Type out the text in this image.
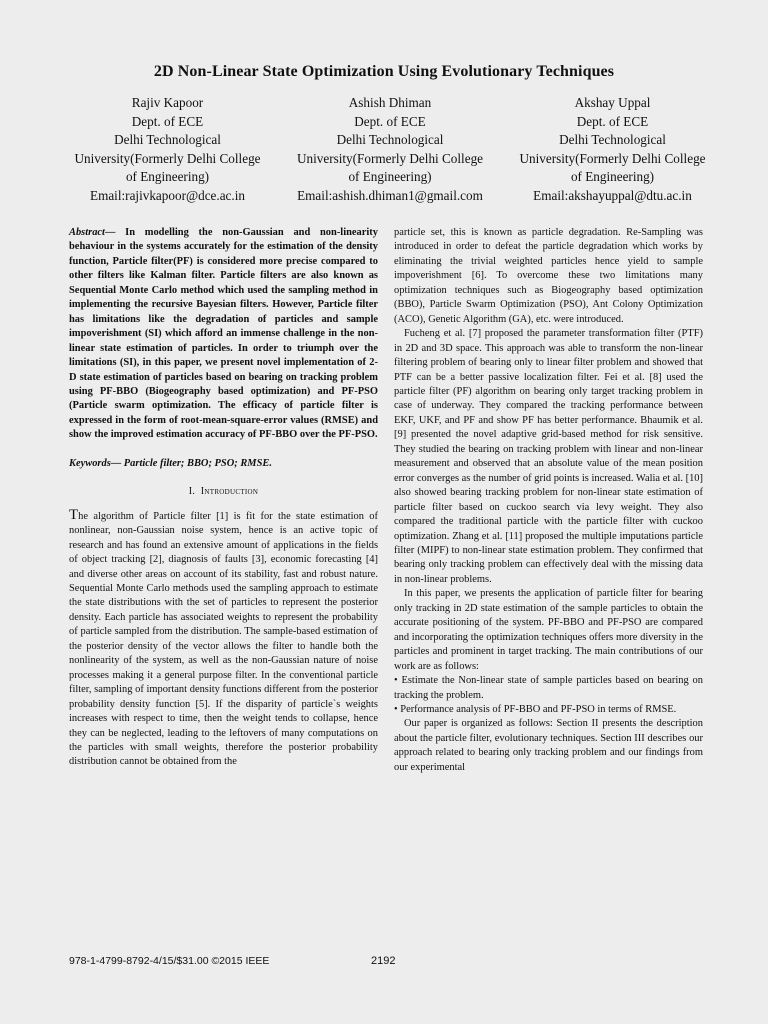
2D Non-Linear State Optimization Using Evolutionary Techniques
Rajiv Kapoor
Dept. of ECE
Delhi Technological
University(Formerly Delhi College
of Engineering)
Email:rajivkapoor@dce.ac.in
Ashish Dhiman
Dept. of ECE
Delhi Technological
University(Formerly Delhi College
of Engineering)
Email:ashish.dhiman1@gmail.com
Akshay Uppal
Dept. of ECE
Delhi Technological
University(Formerly Delhi College
of Engineering)
Email:akshayuppal@dtu.ac.in

Abstract— In modelling the non-Gaussian and non-linearity behaviour in the systems accurately for the estimation of the density function, Particle filter(PF) is considered more precise compared to other filters like Kalman filter. Particle filters are also known as Sequential Monte Carlo method which used the sampling method in implementing the recursive Bayesian filters. However, Particle filter has limitations like the degradation of particles and sample impoverishment (SI) which afford an immense challenge in the non-linear state estimation of particles. In order to triumph over the limitations (SI), in this paper, we present novel implementation of 2-D state estimation of particles based on bearing on tracking problem using PF-BBO (Biogeography based optimization) and PF-PSO (Particle swarm optimization. The efficacy of particle filter is expressed in the form of root-mean-square-error values (RMSE) and show the improved estimation accuracy of PF-BBO over the PF-PSO.

Keywords— Particle filter; BBO; PSO; RMSE.

I. Introduction

The algorithm of Particle filter [1] is fit for the state estimation of nonlinear, non-Gaussian noise system, hence is an active topic of research and has found an extensive amount of applications in the fields of object tracking [2], diagnosis of faults [3], economic forecasting [4] and diverse other areas on account of its stability, fast and robust nature. Sequential Monte Carlo methods used the sampling approach to estimate the state distributions with the set of particles to represent the posterior density. Each particle has associated weights to represent the probability of particle sampled from the distribution. The sample-based estimation of the posterior density of the vector allows the filter to handle both the nonlinearity of the system, as well as the non-Gaussian nature of noise processes making it a general purpose filter. In the conventional particle filter, sampling of important density functions different from the posterior probability density function [5]. If the disparity of particle`s weights increases with respect to time, then the weight tends to collapse, hence they can be neglected, leading to the leftovers of many computations on the particles with small weights, therefore the posterior probability distribution cannot be obtained from the

particle set, this is known as particle degradation. Re-Sampling was introduced in order to defeat the particle degradation which works by eliminating the trivial weighted particles hence yield to sample impoverishment [6]. To overcome these two limitations many optimization techniques such as Biogeography based optimization (BBO), Particle Swarm Optimization (PSO), Ant Colony Optimization (ACO), Genetic Algorithm (GA), etc. were introduced.

Fucheng et al. [7] proposed the parameter transformation filter (PTF) in 2D and 3D space. This approach was able to transform the non-linear filtering problem of bearing only to linear filter problem and showed that PTF can be a better passive localization filter. Fei et al. [8] used the particle filter (PF) algorithm on bearing only target tracking problem in case of underway. They compared the tracking performance between EKF, UKF, and PF and show PF has better performance. Bhaumik et al. [9] presented the novel adaptive grid-based method for risk sensitive. They studied the bearing on tracking problem with linear and non-linear measurement and observed that an absolute value of the mean position error converges as the number of grid points is increased. Walia et al. [10] also showed bearing tracking problem for non-linear state estimation of particle filter based on cuckoo search via levy weight. They also compared the traditional particle with the particle filter with cuckoo optimization. Zhang et al. [11] proposed the multiple imputations particle filter (MIPF) to non-linear state estimation problem. They confirmed that bearing only tracking problem can effectively deal with the missing data in non-linear problems.

In this paper, we presents the application of particle filter for bearing only tracking in 2D state estimation of the sample particles to obtain the accurate positioning of the system. PF-BBO and PF-PSO are compared and incorporating the optimization techniques offers more diversity in the particles and prominent in target tracking. The main contributions of our work are as follows:

• Estimate the Non-linear state of sample particles based on bearing on tracking the problem.

• Performance analysis of PF-BBO and PF-PSO in terms of RMSE.

Our paper is organized as follows: Section II presents the description about the particle filter, evolutionary techniques. Section III describes our approach related to bearing only tracking problem and our findings from our experimental

978-1-4799-8792-4/15/$31.00 ©2015 IEEE	2192
